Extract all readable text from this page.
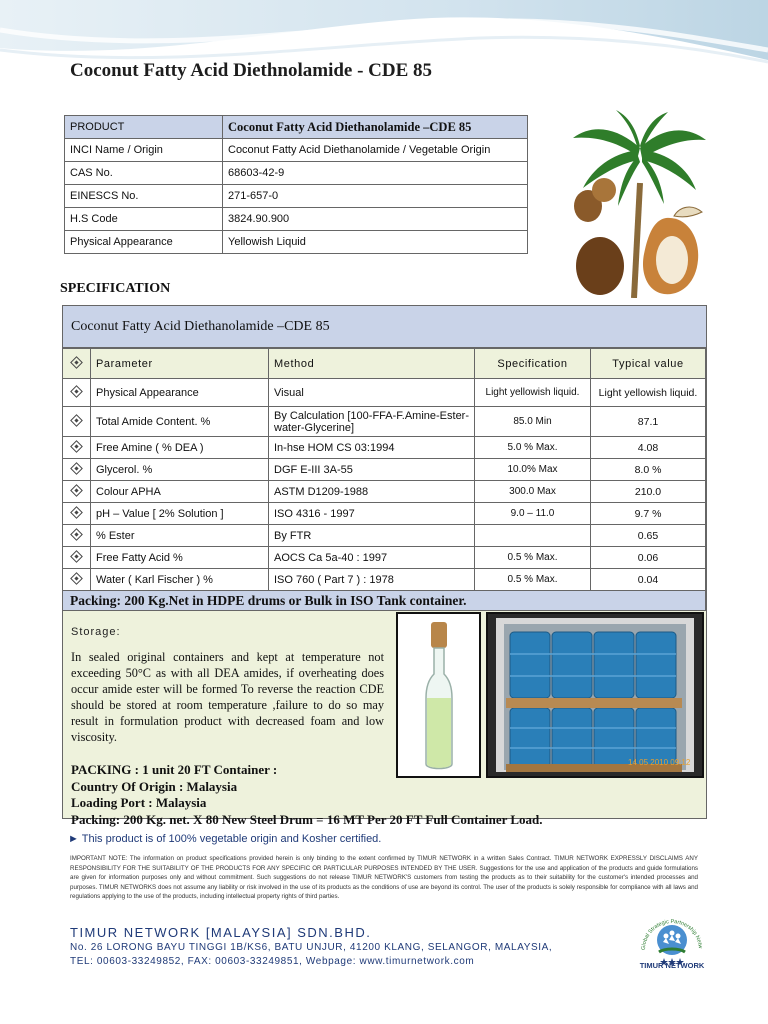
Coconut Fatty Acid Diethnolamide - CDE 85
PRODUCT	Coconut Fatty Acid Diethanolamide –CDE 85
INCI Name / Origin	Coconut Fatty Acid Diethanolamide / Vegetable Origin
CAS No.	68603-42-9
EINESCS No.	271-657-0
H.S Code	3824.90.900
Physical Appearance	Yellowish Liquid
SPECIFICATION
Coconut Fatty Acid Diethanolamide –CDE 85
	Parameter	Method	Specification	Typical value
	Physical Appearance	Visual	Light yellowish liquid.	Light yellowish liquid.
	Total Amide Content. %	By Calculation [100-FFA-F.Amine-Ester-water-Glycerine]	85.0 Min	87.1
	Free Amine ( % DEA )	In-hse HOM CS 03:1994	5.0 % Max.	4.08
	Glycerol. %	DGF E-III 3A-55	10.0% Max	8.0 %
	Colour APHA	ASTM D1209-1988	300.0 Max	210.0
	pH – Value [ 2% Solution ]	ISO 4316 - 1997	9.0 – 11.0	9.7 %
	% Ester	By FTR		0.65
	Free Fatty Acid %	AOCS Ca 5a-40 : 1997	0.5 % Max.	0.06
	Water ( Karl Fischer ) %	ISO 760 ( Part 7 ) : 1978	0.5 % Max.	0.04
Packing: 200 Kg.Net in HDPE drums or Bulk in ISO Tank container.
Storage:
In sealed original containers and kept at temperature not exceeding 50°C as with all DEA amides, if overheating does occur amide ester will be formed To reverse the reaction CDE should be stored at room temperature ,failure to do so may result in formulation product with decreased foam and low viscosity.
PACKING : 1 unit 20 FT Container :
Country Of Origin : Malaysia
Loading Port : Malaysia
Packing: 200 Kg. net. X 80 New Steel Drum = 16 MT Per 20 FT Full Container Load.
14 05 2010 09:12
► This product is of 100% vegetable origin and Kosher certified.
IMPORTANT NOTE: The information on product specifications provided herein is only binding to the extent confirmed by TIMUR NETWORK in a written Sales Contract. TIMUR NETWORK EXPRESSLY DISCLAIMS ANY RESPONSIBILITY FOR THE SUITABILITY OF THE PRODUCTS FOR ANY SPECIFIC OR PARTICULAR PURPOSES INTENDED BY THE USER. Suggestions for the use and application of the products and guide formulations are given for information purposes only and without commitment. Such suggestions do not release TIMUR NETWORK'S customers from testing the products as to their suitability for the customer's intended processes and purposes. TIMUR NETWORKS does not assume any liability or risk involved in the use of its products as the conditions of use are beyond its control. The user of the products is solely responsible for compliance with all laws and regulations applying to the use of the products, including intellectual property rights of third parties.
TIMUR NETWORK [MALAYSIA] SDN.BHD.
No. 26 LORONG BAYU TINGGI 1B/KS6, BATU UNJUR, 41200 KLANG, SELANGOR, MALAYSIA,
TEL: 00603-33249852, FAX: 00603-33249851, Webpage: www.timurnetwork.com
Global Strategic Partnership Netw
TIMUR NETWORK
